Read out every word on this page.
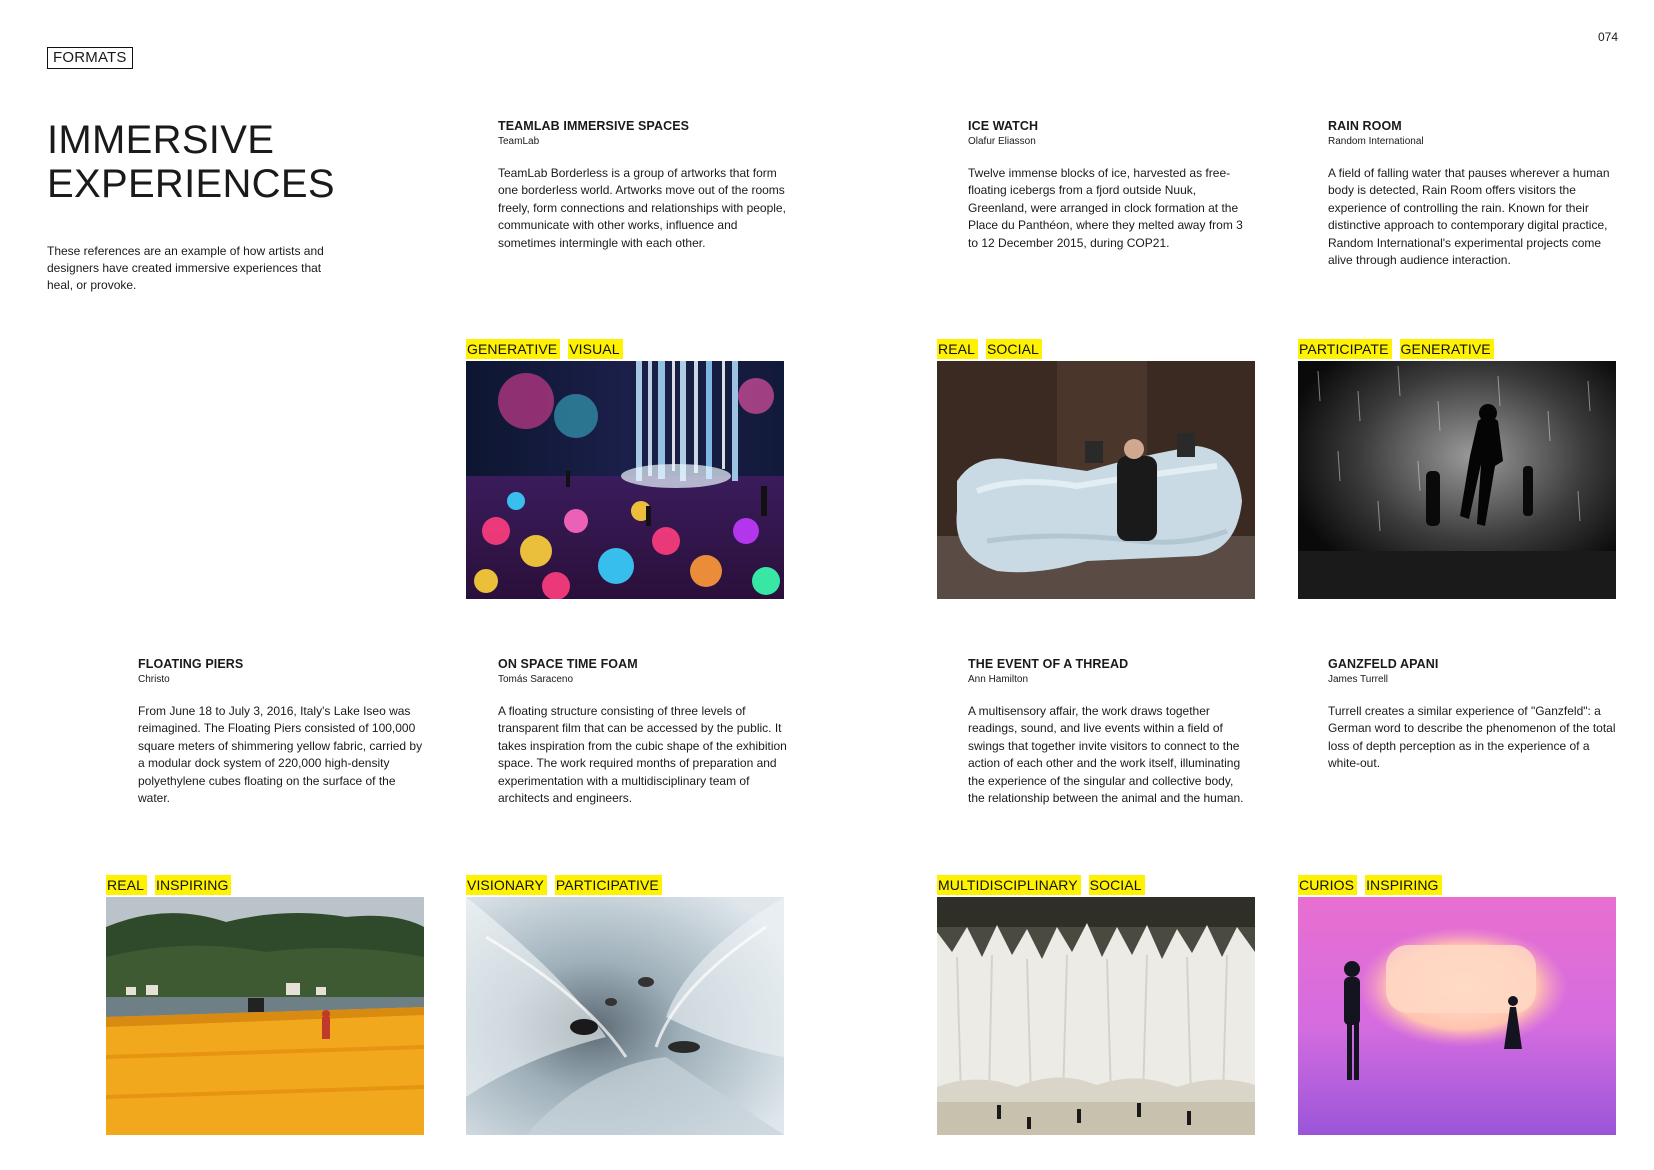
FORMATS
074
IMMERSIVE
EXPERIENCES

These references are an example of how artists and designers have created immersive experiences that heal, or provoke.

TEAMLAB IMMERSIVE SPACES
TeamLab

TeamLab Borderless is a group of artworks that form one borderless world. Artworks move out of the rooms freely, form connections and relationships with people, communicate with other works, influence and sometimes intermingle with each other.

ICE WATCH
Olafur Eliasson

Twelve immense blocks of ice, harvested as free-floating icebergs from a fjord outside Nuuk, Greenland, were arranged in clock formation at the Place du Panthéon, where they melted away from 3 to 12 December 2015, during COP21.

RAIN ROOM
Random International

A field of falling water that pauses wherever a human body is detected, Rain Room offers visitors the experience of controlling the rain. Known for their distinctive approach to contemporary digital practice, Random International's experimental projects come alive through audience interaction.

GENERATIVE VISUAL	REAL SOCIAL	PARTICIPATE GENERATIVE
FLOATING PIERS
Christo

From June 18 to July 3, 2016, Italy's Lake Iseo was reimagined. The Floating Piers consisted of 100,000 square meters of shimmering yellow fabric, carried by a modular dock system of 220,000 high-density polyethylene cubes floating on the surface of the water.

ON SPACE TIME FOAM
Tomás Saraceno

A floating structure consisting of three levels of transparent film that can be accessed by the public. It takes inspiration from the cubic shape of the exhibition space. The work required months of preparation and experimentation with a multidisciplinary team of architects and engineers.

THE EVENT OF A THREAD
Ann Hamilton

A multisensory affair, the work draws together readings, sound, and live events within a field of swings that together invite visitors to connect to the action of each other and the work itself, illuminating the experience of the singular and collective body, the relationship between the animal and the human.

GANZFELD APANI
James Turrell

Turrell creates a similar experience of "Ganzfeld": a German word to describe the phenomenon of the total loss of depth perception as in the experience of a white-out.

REAL INSPIRING	VISIONARY PARTICIPATIVE	MULTIDISCIPLINARY SOCIAL	CURIOS INSPIRING
